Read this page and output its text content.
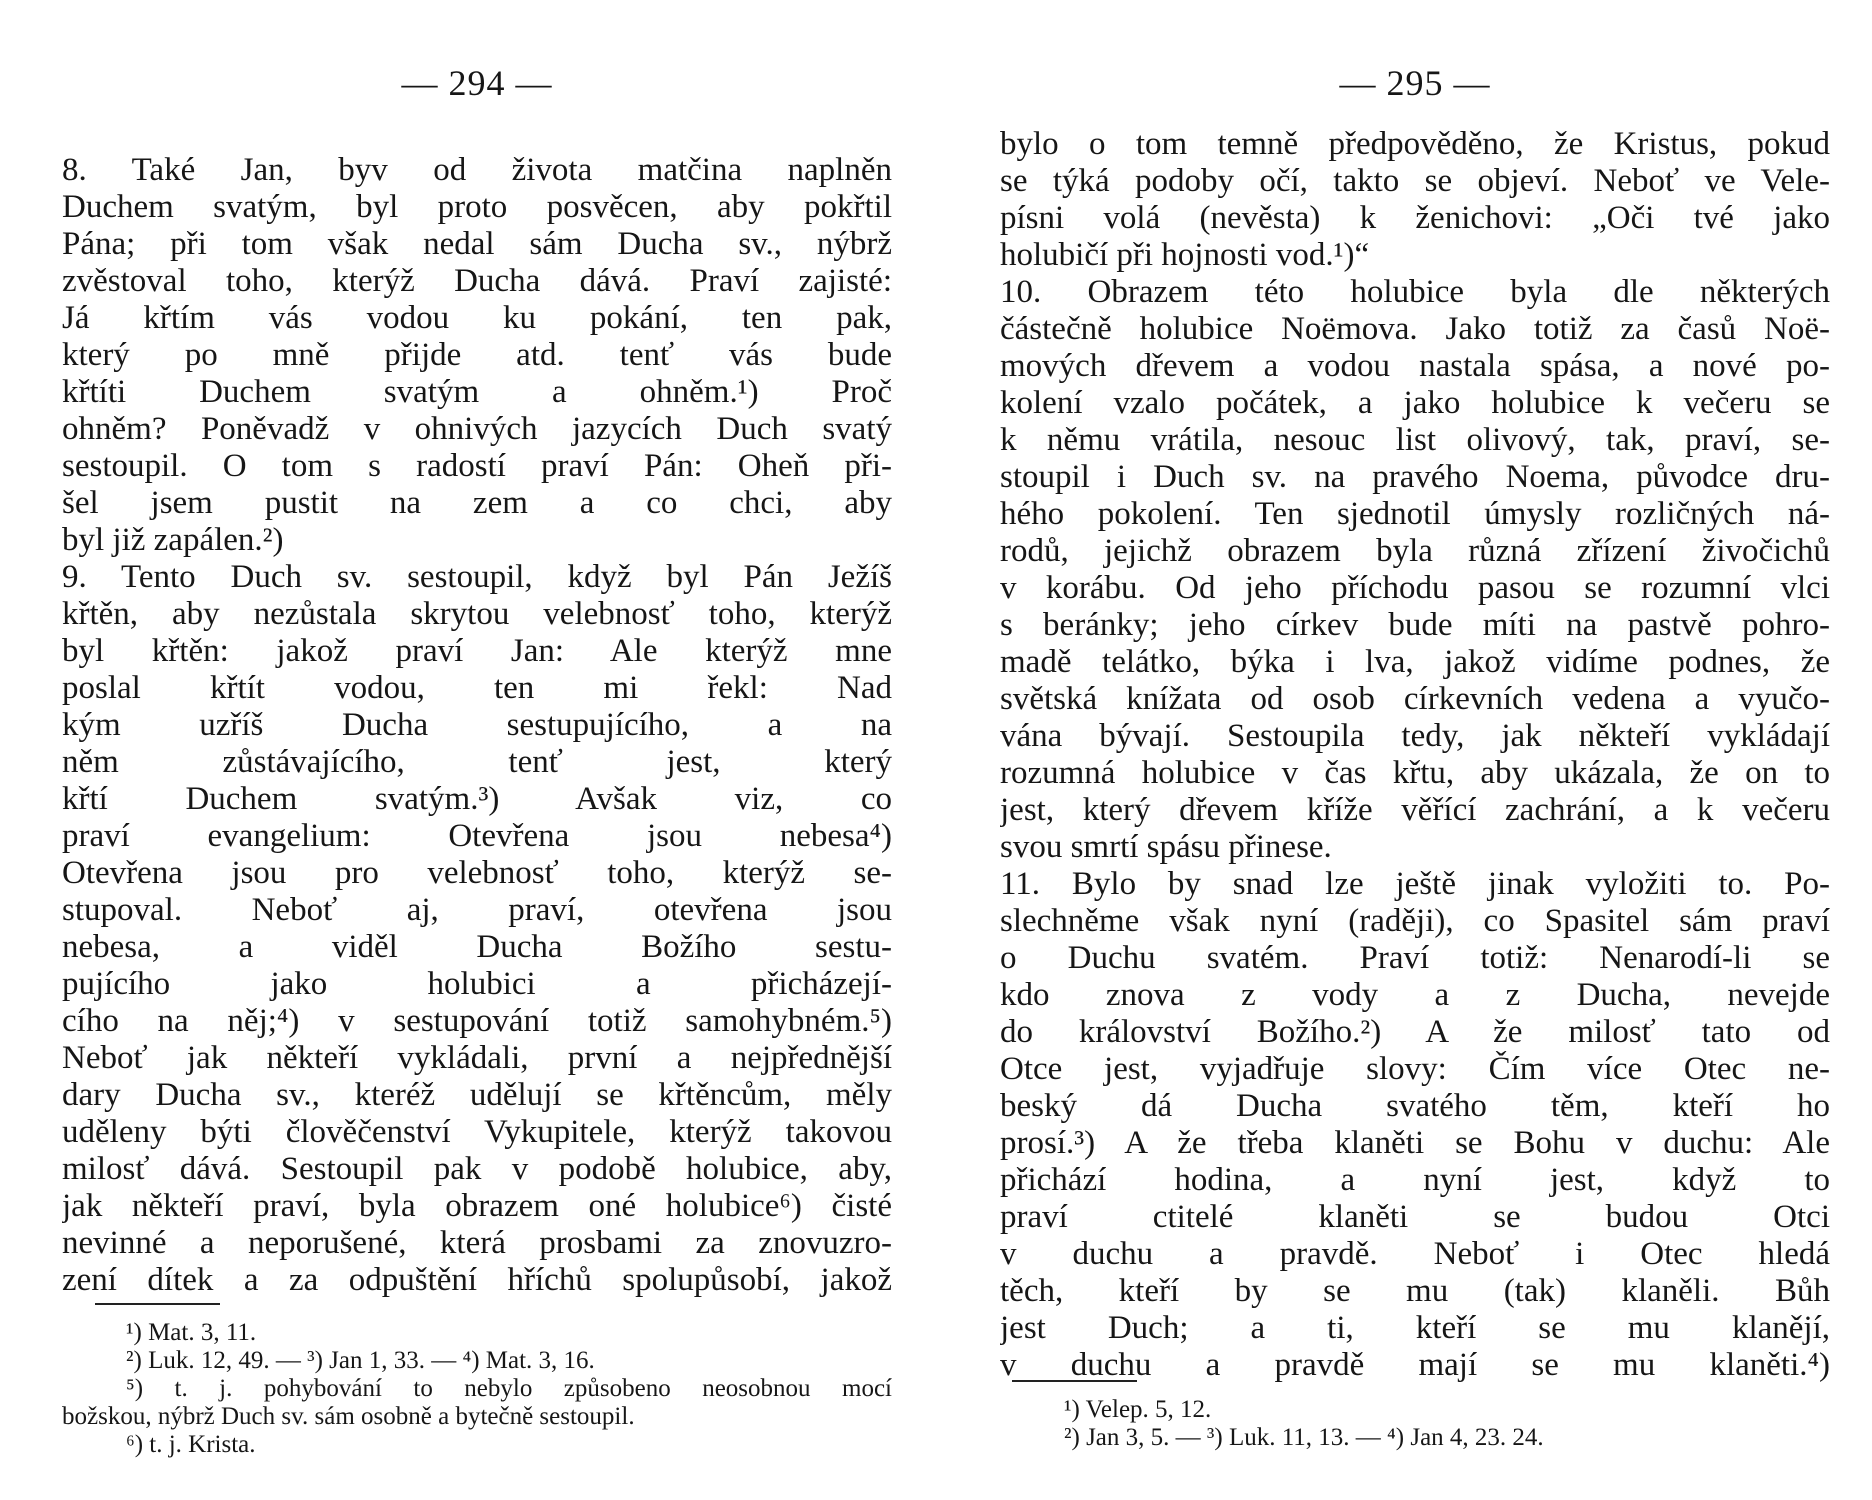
— 294 —
8. Také Jan, byv od života matčina naplněn
Duchem svatým, byl proto posvěcen, aby pokřtil
Pána; při tom však nedal sám Ducha sv., nýbrž
zvěstoval toho, kterýž Ducha dává. Praví zajisté:
Já křtím vás vodou ku pokání, ten pak,
který po mně přijde atd. tenť vás bude
křtíti Duchem svatým a ohněm.¹) Proč
ohněm? Poněvadž v ohnivých jazycích Duch svatý
sestoupil. O tom s radostí praví Pán: Oheň při-
šel jsem pustit na zem a co chci, aby
byl již zapálen.²)
9. Tento Duch sv. sestoupil, když byl Pán Ježíš
křtěn, aby nezůstala skrytou velebnosť toho, kterýž
byl křtěn: jakož praví Jan: Ale kterýž mne
poslal křtít vodou, ten mi řekl: Nad
kým uzříš Ducha sestupujícího, a na
něm zůstávajícího, tenť jest, který
křtí Duchem svatým.³) Avšak viz, co
praví evangelium: Otevřena jsou nebesa⁴)
Otevřena jsou pro velebnosť toho, kterýž se-
stupoval. Neboť aj, praví, otevřena jsou
nebesa, a viděl Ducha Božího sestu-
pujícího jako holubici a přicházejí-
cího na něj;⁴) v sestupování totiž samohybném.⁵)
Neboť jak někteří vykládali, první a nejpřednější
dary Ducha sv., kteréž udělují se křtěncům, měly
uděleny býti člověčenství Vykupitele, kterýž takovou
milosť dává. Sestoupil pak v podobě holubice, aby,
jak někteří praví, byla obrazem oné holubice⁶) čisté
nevinné a neporušené, která prosbami za znovuzro-
zení dítek a za odpuštění hříchů spolupůsobí, jakož
¹) Mat. 3, 11.
²) Luk. 12, 49. — ³) Jan 1, 33. — ⁴) Mat. 3, 16.
⁵) t. j. pohybování to nebylo způsobeno neosobnou mocí
božskou, nýbrž Duch sv. sám osobně a bytečně sestoupil.
⁶) t. j. Krista.
— 295 —
bylo o tom temně předpověděno, že Kristus, pokud
se týká podoby očí, takto se objeví. Neboť ve Vele-
písni volá (nevěsta) k ženichovi: „Oči tvé jako
holubičí při hojnosti vod.¹)“
10. Obrazem této holubice byla dle některých
částečně holubice Noëmova. Jako totiž za časů Noë-
mových dřevem a vodou nastala spása, a nové po-
kolení vzalo počátek, a jako holubice k večeru se
k němu vrátila, nesouc list olivový, tak, praví, se-
stoupil i Duch sv. na pravého Noema, původce dru-
hého pokolení. Ten sjednotil úmysly rozličných ná-
rodů, jejichž obrazem byla různá zřízení živočichů
v korábu. Od jeho příchodu pasou se rozumní vlci
s beránky; jeho církev bude míti na pastvě pohro-
madě telátko, býka i lva, jakož vidíme podnes, že
světská knížata od osob církevních vedena a vyučo-
vána bývají. Sestoupila tedy, jak někteří vykládají
rozumná holubice v čas křtu, aby ukázala, že on to
jest, který dřevem kříže věřící zachrání, a k večeru
svou smrtí spásu přinese.
11. Bylo by snad lze ještě jinak vyložiti to. Po-
slechněme však nyní (raději), co Spasitel sám praví
o Duchu svatém. Praví totiž: Nenarodí-li se
kdo znova z vody a z Ducha, nevejde
do království Božího.²) A že milosť tato od
Otce jest, vyjadřuje slovy: Čím více Otec ne-
beský dá Ducha svatého těm, kteří ho
prosí.³) A že třeba klaněti se Bohu v duchu: Ale
přichází hodina, a nyní jest, když to
praví ctitelé klaněti se budou Otci
v duchu a pravdě. Neboť i Otec hledá
těch, kteří by se mu (tak) klaněli. Bůh
jest Duch; a ti, kteří se mu klanějí,
v duchu a pravdě mají se mu klaněti.⁴)
¹) Velep. 5, 12.
²) Jan 3, 5. — ³) Luk. 11, 13. — ⁴) Jan 4, 23. 24.
